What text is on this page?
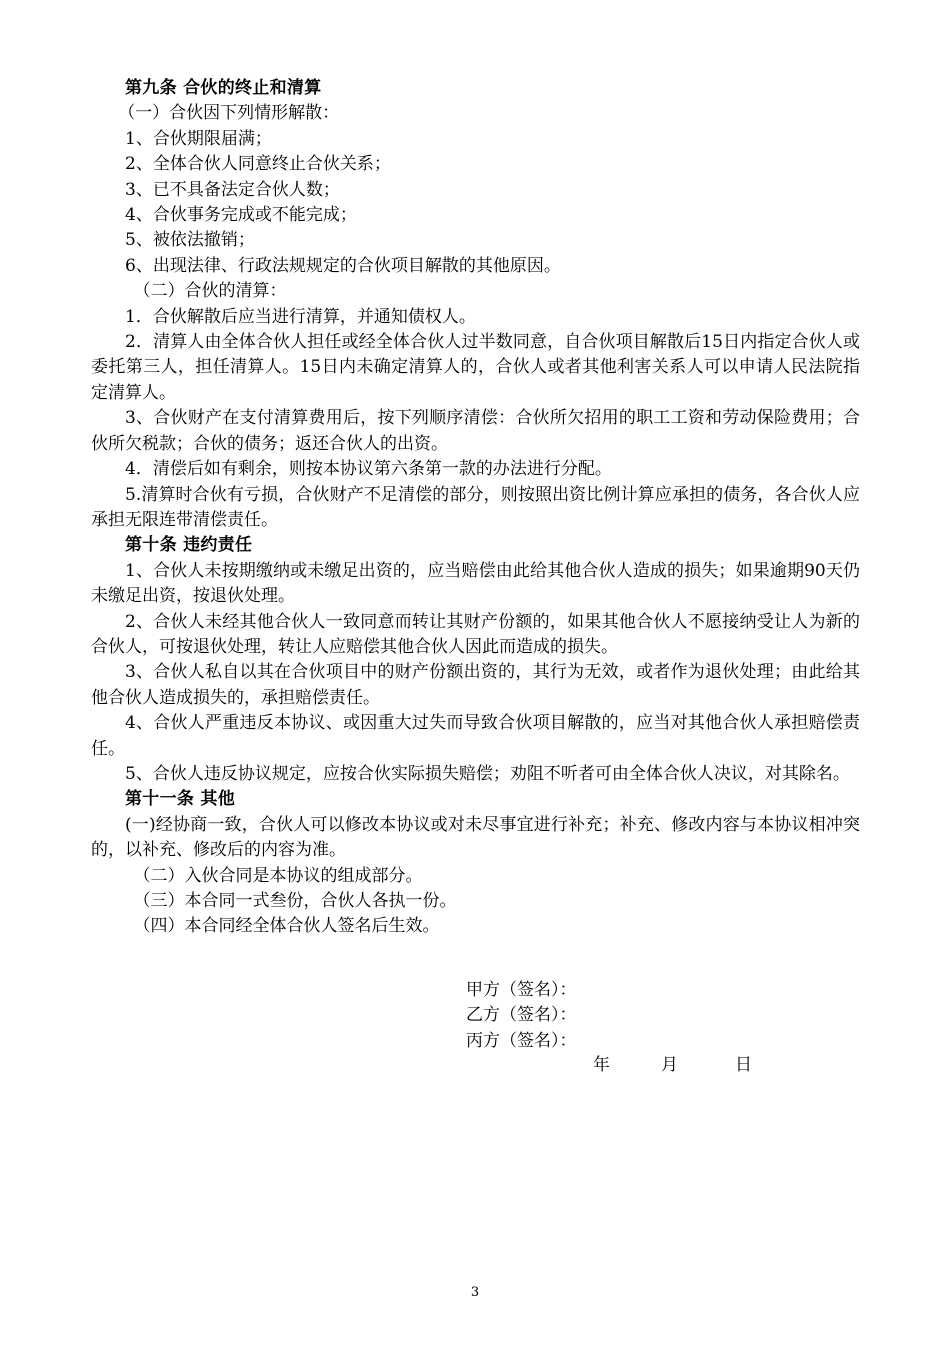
第九条 合伙的终止和清算

（一）合伙因下列情形解散：

1、合伙期限届满；

2、全体合伙人同意终止合伙关系；

3、已不具备法定合伙人数；

4、合伙事务完成或不能完成；

5、被依法撤销；

6、出现法律、行政法规规定的合伙项目解散的其他原因。

（二）合伙的清算：

1．合伙解散后应当进行清算，并通知债权人。

2．清算人由全体合伙人担任或经全体合伙人过半数同意，自合伙项目解散后15日内指定合伙人或委托第三人，担任清算人。15日内未确定清算人的，合伙人或者其他利害关系人可以申请人民法院指定清算人。

3、合伙财产在支付清算费用后，按下列顺序清偿：合伙所欠招用的职工工资和劳动保险费用；合伙所欠税款；合伙的债务；返还合伙人的出资。

4．清偿后如有剩余，则按本协议第六条第一款的办法进行分配。

5.清算时合伙有亏损，合伙财产不足清偿的部分，则按照出资比例计算应承担的债务，各合伙人应承担无限连带清偿责任。

第十条 违约责任

1、合伙人未按期缴纳或未缴足出资的，应当赔偿由此给其他合伙人造成的损失；如果逾期90天仍未缴足出资，按退伙处理。

2、合伙人未经其他合伙人一致同意而转让其财产份额的，如果其他合伙人不愿接纳受让人为新的合伙人，可按退伙处理，转让人应赔偿其他合伙人因此而造成的损失。

3、合伙人私自以其在合伙项目中的财产份额出资的，其行为无效，或者作为退伙处理；由此给其他合伙人造成损失的，承担赔偿责任。

4、合伙人严重违反本协议、或因重大过失而导致合伙项目解散的，应当对其他合伙人承担赔偿责任。

5、合伙人违反协议规定，应按合伙实际损失赔偿；劝阻不听者可由全体合伙人决议，对其除名。

第十一条 其他

(一)经协商一致，合伙人可以修改本协议或对未尽事宜进行补充；补充、修改内容与本协议相冲突的，以补充、修改后的内容为准。

（二）入伙合同是本协议的组成部分。

（三）本合同一式叁份，合伙人各执一份。

（四）本合同经全体合伙人签名后生效。

甲方（签名）：
乙方（签名）：
丙方（签名）：
年	月	日
3
